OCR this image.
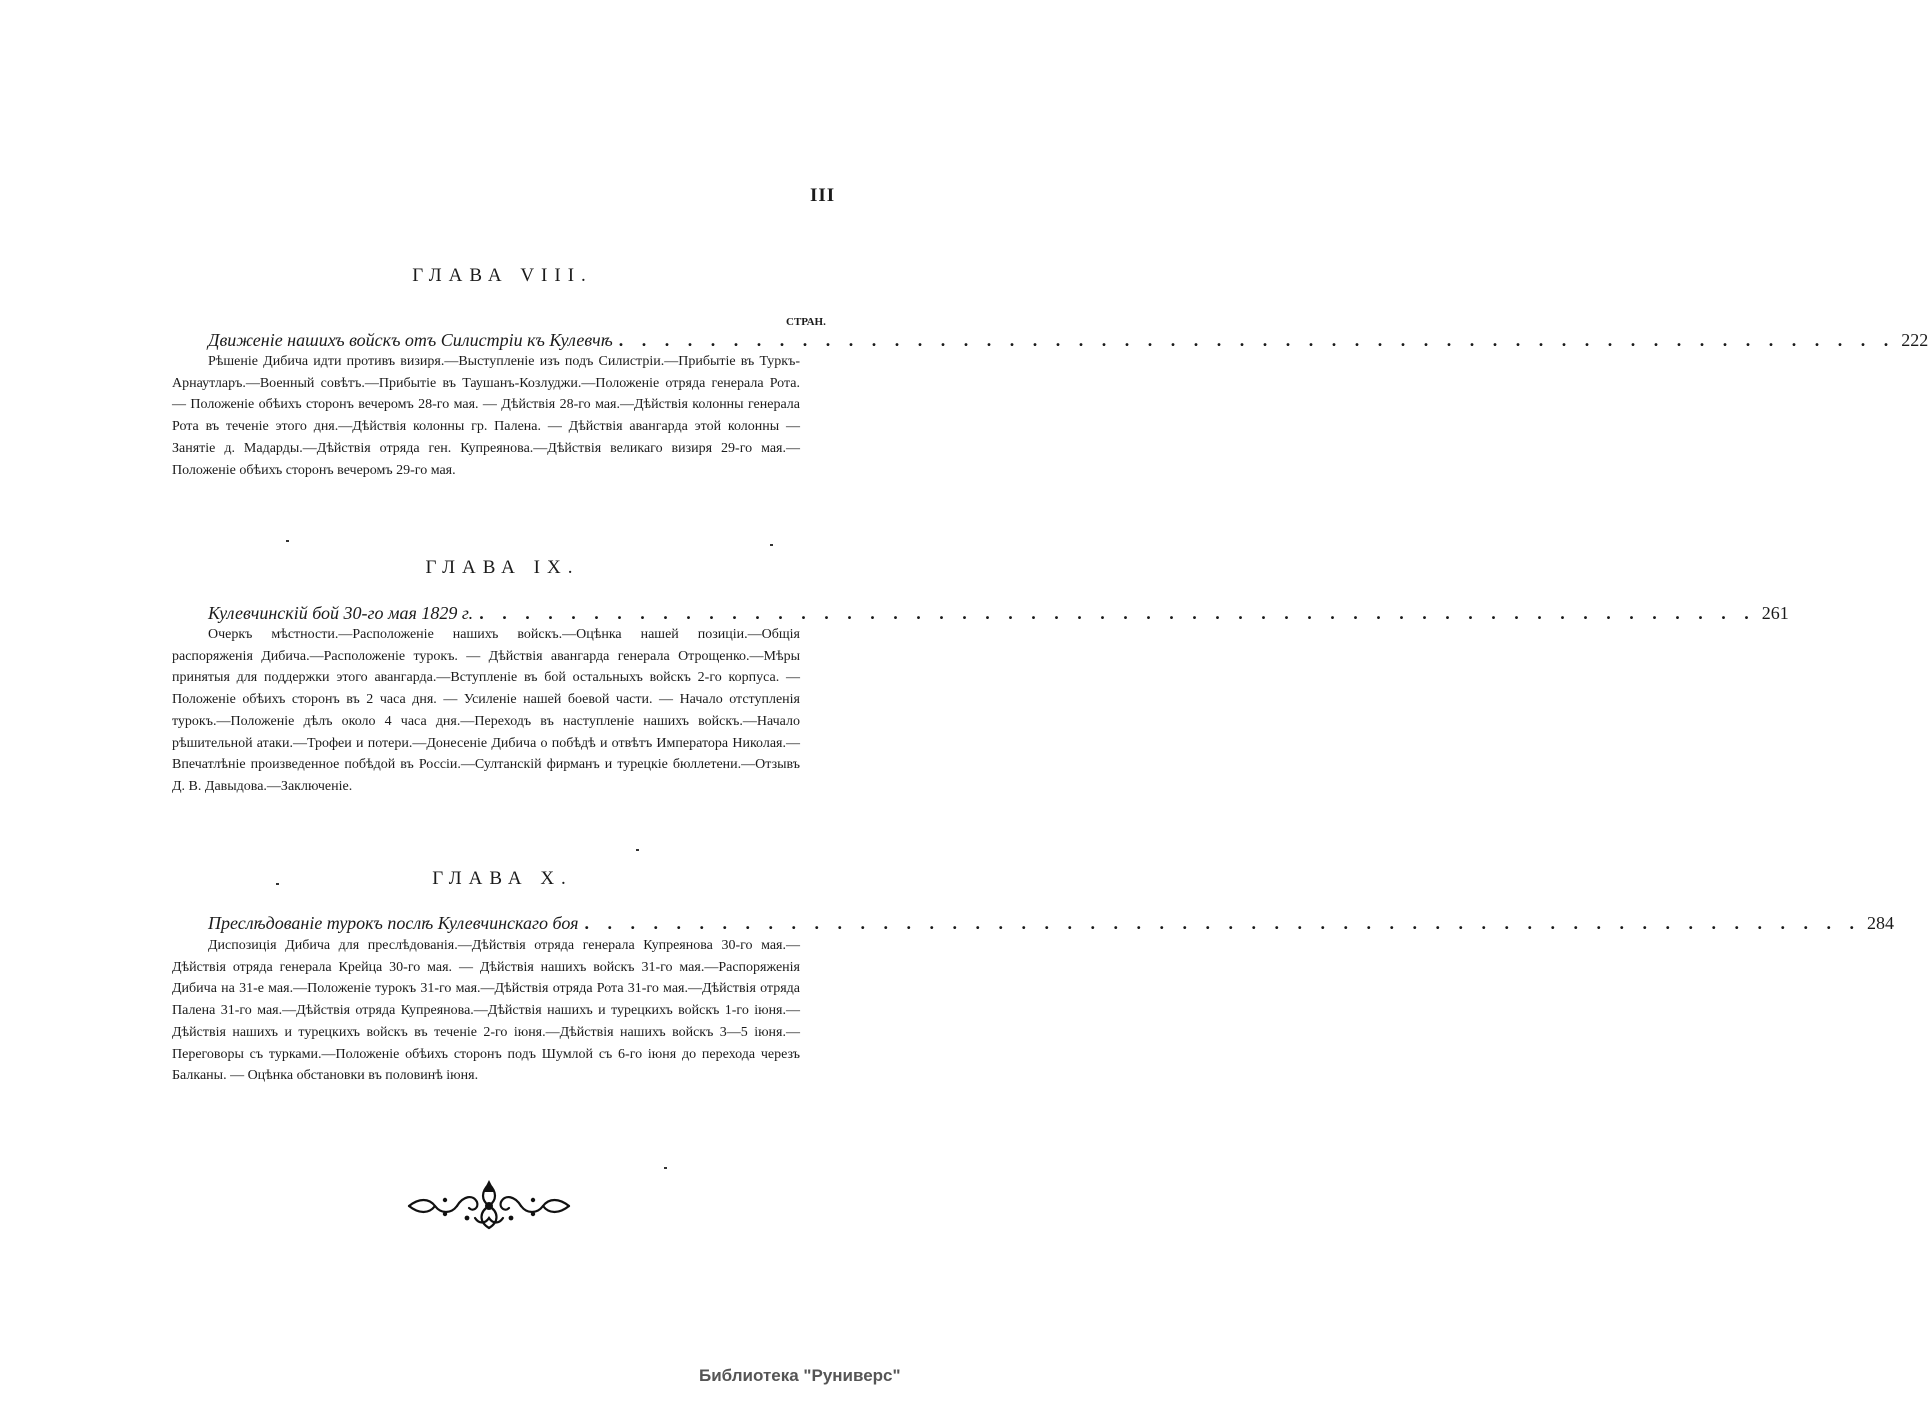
III
ГЛАВА VIII.
СТРАН.
Движеніе нашихъ войскъ отъ Силистріи къ Кулевчѣ . . . . . . . . . . . . . . . . . . . . . . . . . . . . . . . . . . . . . . . . . . . . . . . . . . . . . . . . 222

Рѣшеніе Дибича идти противъ визиря.—Выступленіе изъ подъ Силистріи.—Прибытіе въ Туркъ-Арнаутларъ.—Военный совѣтъ.—Прибытіе въ Таушанъ-Козлуджи.—Положеніе отряда генерала Рота. — Положеніе обѣихъ сторонъ вечеромъ 28-го мая. — Дѣйствія 28-го мая.—Дѣйствія колонны генерала Рота въ теченіе этого дня.—Дѣйствія колонны гр. Палена. — Дѣйствія авангарда этой колонны —Занятіе д. Мадарды.—Дѣйствія отряда ген. Купреянова.—Дѣйствія великаго визиря 29-го мая.—Положеніе обѣихъ сторонъ вечеромъ 29-го мая.

ГЛАВА IX.
Кулевчинскій бой 30-го мая 1829 г. . . . . . . . . . . . . . . . . . . . . . . . . . . . . . . . . . . . . . . . . . . . . . . . . . . . . . . . . 261

Очеркъ мѣстности.—Расположеніе нашихъ войскъ.—Оцѣнка нашей позиціи.—Общія распоряженія Дибича.—Расположеніе турокъ. — Дѣйствія авангарда генерала Отрощенко.—Мѣры принятыя для поддержки этого авангарда.—Вступленіе въ бой остальныхъ войскъ 2-го корпуса. — Положеніе обѣихъ сторонъ въ 2 часа дня. — Усиленіе нашей боевой части. — Начало отступленія турокъ.—Положеніе дѣлъ около 4 часа дня.—Переходъ въ наступленіе нашихъ войскъ.—Начало рѣшительной атаки.—Трофеи и потери.—Донесеніе Дибича о побѣдѣ и отвѣтъ Императора Николая.—Впечатлѣніе произведенное побѣдой въ Россіи.—Султанскій фирманъ и турецкіе бюллетени.—Отзывъ Д. В. Давыдова.—Заключеніе.

ГЛАВА X.
Преслѣдованіе турокъ послѣ Кулевчинскаго боя . . . . . . . . . . . . . . . . . . . . . . . . . . . . . . . . . . . . . . . . . . . . . . . . . . . . . . . . 284

Диспозиція Дибича для преслѣдованія.—Дѣйствія отряда генерала Купреянова 30-го мая.—Дѣйствія отряда генерала Крейца 30-го мая. — Дѣйствія нашихъ войскъ 31-го мая.—Распоряженія Дибича на 31-е мая.—Положеніе турокъ 31-го мая.—Дѣйствія отряда Рота 31-го мая.—Дѣйствія отряда Палена 31-го мая.—Дѣйствія отряда Купреянова.—Дѣйствія нашихъ и турецкихъ войскъ 1-го іюня.—Дѣйствія нашихъ и турецкихъ войскъ въ теченіе 2-го іюня.—Дѣйствія нашихъ войскъ 3—5 іюня.—Переговоры съ турками.—Положеніе обѣихъ сторонъ подъ Шумлой съ 6-го іюня до перехода черезъ Балканы. — Оцѣнка обстановки въ половинѣ іюня.

Библиотека "Руниверс"
